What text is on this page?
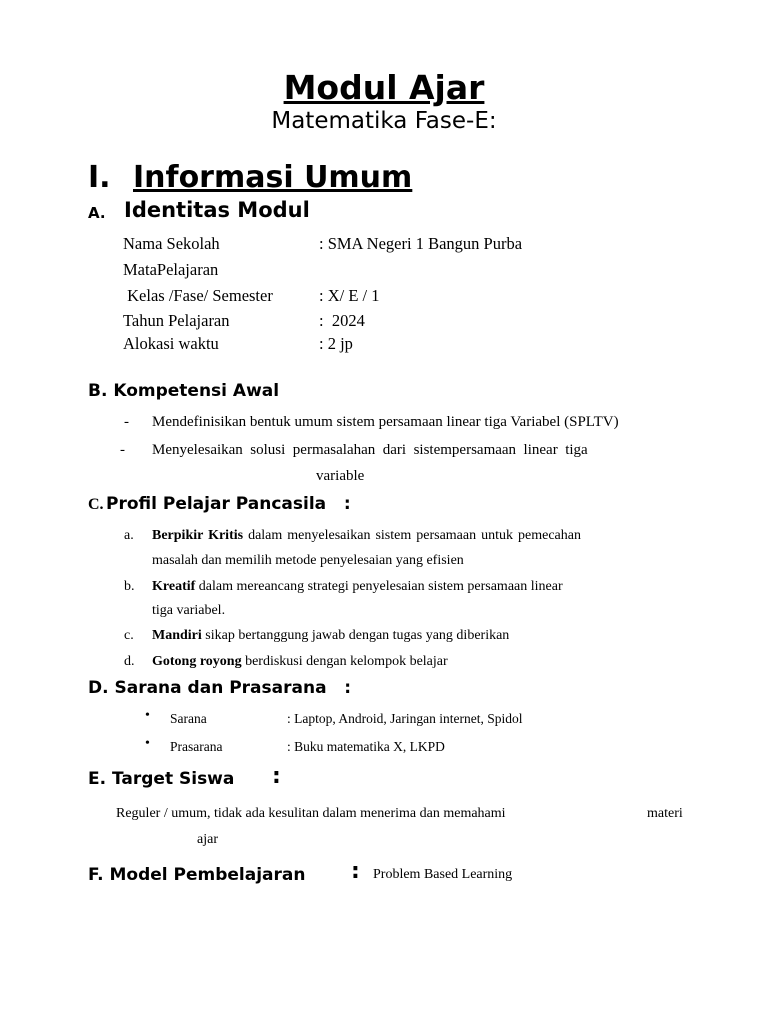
Modul Ajar
Matematika Fase-E:
I. Informasi Umum
A. Identitas Modul
Nama Sekolah	: SMA Negeri 1 Bangun Purba
MataPelajaran
Kelas /Fase/ Semester	: X/ E / 1
Tahun Pelajaran	:  2024
Alokasi waktu	: 2 jp
B. Kompetensi Awal
- Mendefinisikan bentuk umum sistem persamaan linear tiga Variabel (SPLTV)
- Menyelesaikan  solusi  permasalahan  dari  sistempersamaan  linear  tiga
variable
C. Profil Pelajar Pancasila   :
a. Berpikir Kritis dalam menyelesaikan sistem persamaan untuk pemecahan
masalah dan memilih metode penyelesaian yang efisien
b. Kreatif dalam mereancang strategi penyelesaian sistem persamaan linear
tiga variabel.
c. Mandiri sikap bertanggung jawab dengan tugas yang diberikan
d. Gotong royong berdiskusi dengan kelompok belajar
D. Sarana dan Prasarana   :
• Sarana	: Laptop, Android, Jaringan internet, Spidol
• Prasarana	: Buku matematika X, LKPD
E. Target Siswa :
Reguler / umum, tidak ada kesulitan dalam menerima dan memahami	materi
ajar
F. Model Pembelajaran : Problem Based Learning
